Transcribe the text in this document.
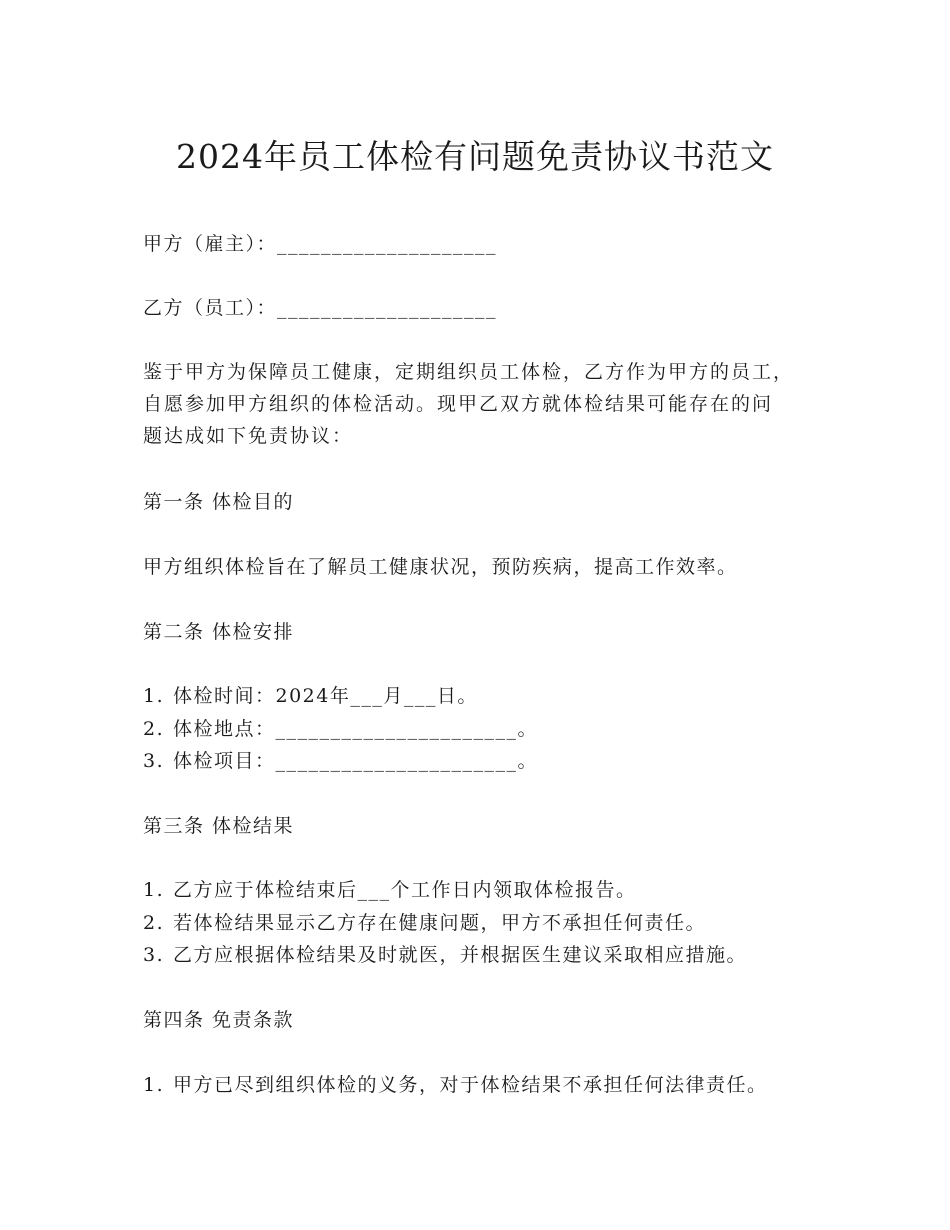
2024年员工体检有问题免责协议书范文
甲方（雇主）：____________________
乙方（员工）：____________________
鉴于甲方为保障员工健康，定期组织员工体检，乙方作为甲方的员工，
自愿参加甲方组织的体检活动。现甲乙双方就体检结果可能存在的问
题达成如下免责协议：
第一条 体检目的
甲方组织体检旨在了解员工健康状况，预防疾病，提高工作效率。
第二条 体检安排
1. 体检时间：2024年___月___日。
2. 体检地点：______________________。
3. 体检项目：______________________。
第三条 体检结果
1. 乙方应于体检结束后___个工作日内领取体检报告。
2. 若体检结果显示乙方存在健康问题，甲方不承担任何责任。
3. 乙方应根据体检结果及时就医，并根据医生建议采取相应措施。
第四条 免责条款
1. 甲方已尽到组织体检的义务，对于体检结果不承担任何法律责任。
